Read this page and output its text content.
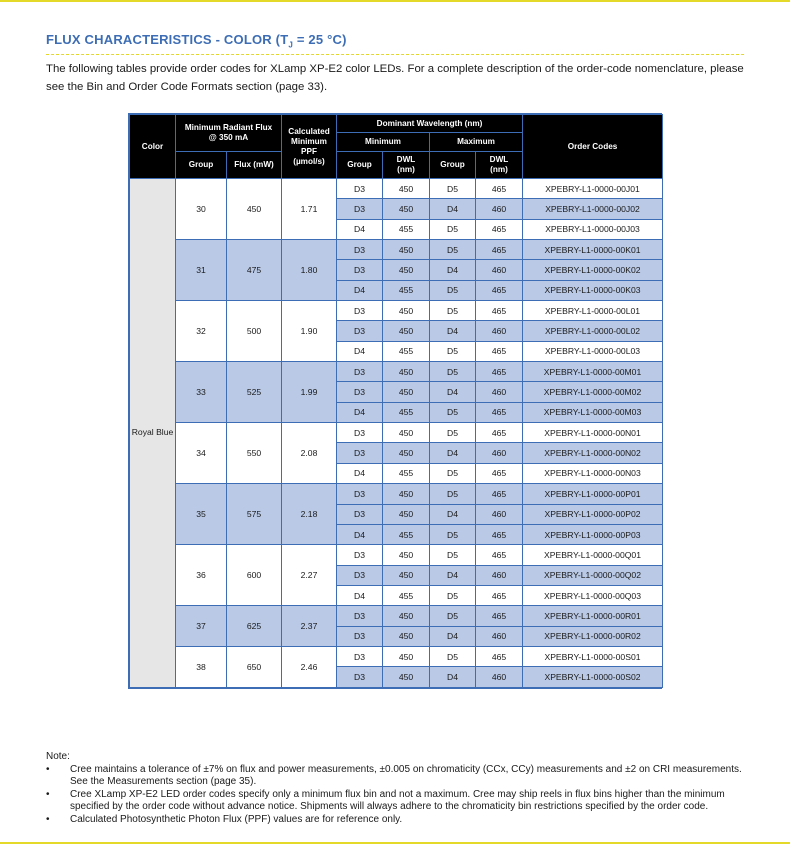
FLUX CHARACTERISTICS - COLOR ($T_J = 25$ °C)

The following tables provide order codes for XLamp XP-E2 color LEDs. For a complete description of the order-code nomenclature, please see the Bin and Order Code Formats section (page 33).

Color	Minimum Radiant Flux @ 350 mA		Calculated Minimum PPF (µmol/s)	Dominant Wavelength (nm)				Order Codes
				Minimum		Maximum		
	Group	Flux (mW)		Group	DWL (nm)	Group	DWL (nm)	
Royal Blue	30	450	1.71	D3	450	D5	465	XPEBRY-L1-0000-00J01
				D3	450	D4	460	XPEBRY-L1-0000-00J02
				D4	455	D5	465	XPEBRY-L1-0000-00J03
	31	475	1.80	D3	450	D5	465	XPEBRY-L1-0000-00K01
				D3	450	D4	460	XPEBRY-L1-0000-00K02
				D4	455	D5	465	XPEBRY-L1-0000-00K03
	32	500	1.90	D3	450	D5	465	XPEBRY-L1-0000-00L01
				D3	450	D4	460	XPEBRY-L1-0000-00L02
				D4	455	D5	465	XPEBRY-L1-0000-00L03
	33	525	1.99	D3	450	D5	465	XPEBRY-L1-0000-00M01
				D3	450	D4	460	XPEBRY-L1-0000-00M02
				D4	455	D5	465	XPEBRY-L1-0000-00M03
	34	550	2.08	D3	450	D5	465	XPEBRY-L1-0000-00N01
				D3	450	D4	460	XPEBRY-L1-0000-00N02
				D4	455	D5	465	XPEBRY-L1-0000-00N03
	35	575	2.18	D3	450	D5	465	XPEBRY-L1-0000-00P01
				D3	450	D4	460	XPEBRY-L1-0000-00P02
				D4	455	D5	465	XPEBRY-L1-0000-00P03
	36	600	2.27	D3	450	D5	465	XPEBRY-L1-0000-00Q01
				D3	450	D4	460	XPEBRY-L1-0000-00Q02
				D4	455	D5	465	XPEBRY-L1-0000-00Q03
	37	625	2.37	D3	450	D5	465	XPEBRY-L1-0000-00R01
				D3	450	D4	460	XPEBRY-L1-0000-00R02
	38	650	2.46	D3	450	D5	465	XPEBRY-L1-0000-00S01
				D3	450	D4	460	XPEBRY-L1-0000-00S02
Note:
•	Cree maintains a tolerance of ±7% on flux and power measurements, ±0.005 on chromaticity (CCx, CCy) measurements and ±2 on CRI measurements. See the Measurements section (page 35).
•	Cree XLamp XP-E2 LED order codes specify only a minimum flux bin and not a maximum. Cree may ship reels in flux bins higher than the minimum specified by the order code without advance notice. Shipments will always adhere to the chromaticity bin restrictions specified by the order code.
•	Calculated Photosynthetic Photon Flux (PPF) values are for reference only.
